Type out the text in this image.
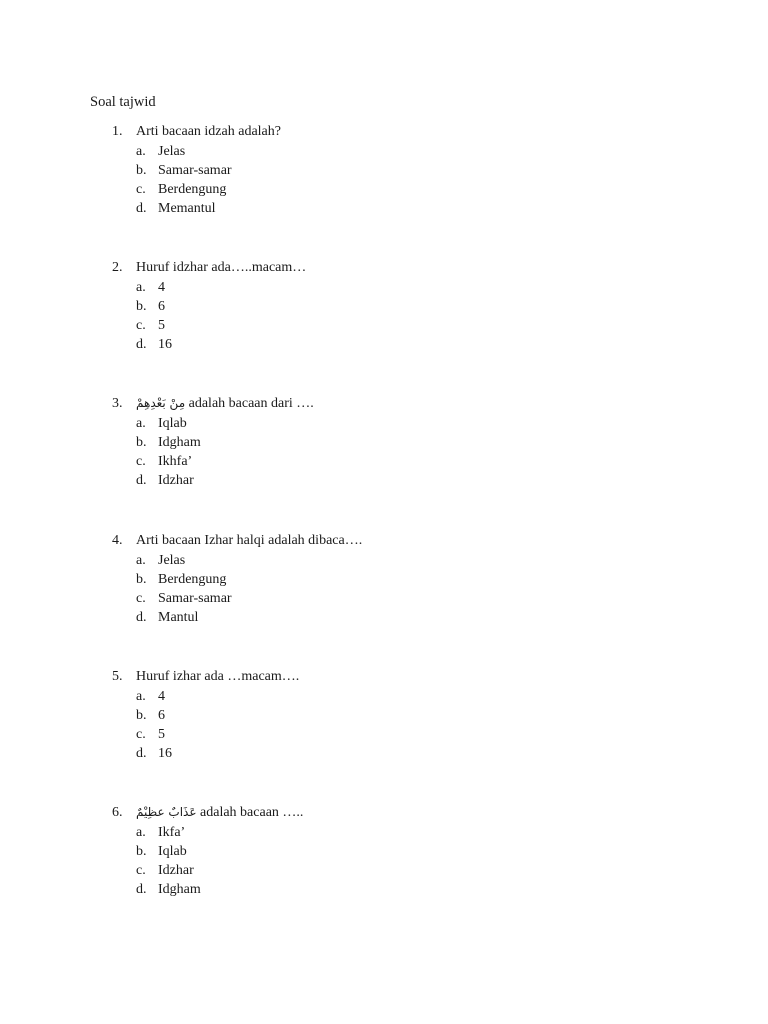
Soal tajwid
1. Arti bacaan idzah adalah?
a. Jelas
b. Samar-samar
c. Berdengung
d. Memantul
2. Huruf idzhar ada…..macam…
a. 4
b. 6
c. 5
d. 16
3.	مِنْ بَعْدِهِمْ adalah bacaan dari ….
a. Iqlab
b. Idgham
c. Ikhfa’
d. Idzhar
4. Arti bacaan Izhar halqi adalah dibaca….
a. Jelas
b. Berdengung
c. Samar-samar
d. Mantul
5. Huruf izhar ada …macam….
a. 4
b. 6
c. 5
d. 16
6.	عَذَابٌ عظِيْمٌ adalah bacaan …..
a. Ikfa’
b. Iqlab
c. Idzhar
d. Idgham
